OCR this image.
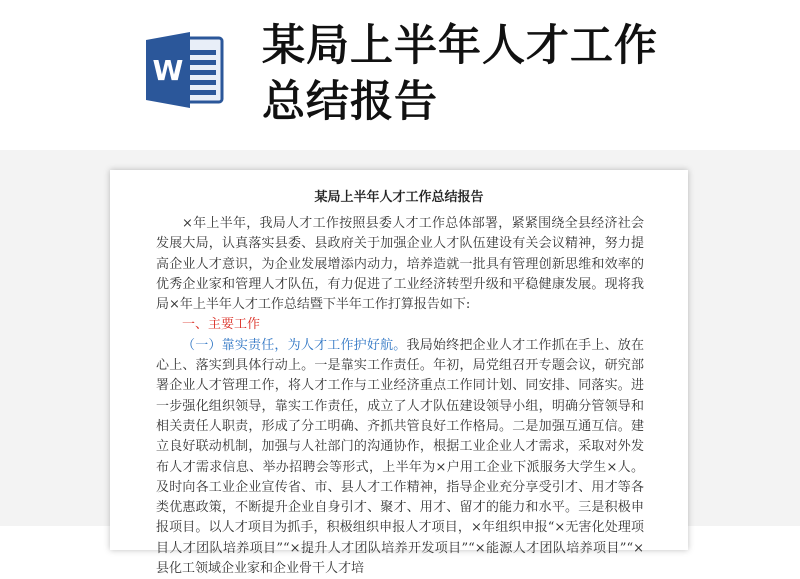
W 某局上半年人才工作
总结报告
某局上半年人才工作总结报告

×年上半年，我局人才工作按照县委人才工作总体部署，紧紧围绕全县经济社会发展大局，认真落实县委、县政府关于加强企业人才队伍建设有关会议精神，努力提高企业人才意识，为企业发展增添内动力，培养造就一批具有管理创新思维和效率的优秀企业家和管理人才队伍，有力促进了工业经济转型升级和平稳健康发展。现将我局×年上半年人才工作总结暨下半年工作打算报告如下:

一、主要工作

（一）靠实责任，为人才工作护好航。我局始终把企业人才工作抓在手上、放在心上、落实到具体行动上。一是靠实工作责任。年初，局党组召开专题会议，研究部署企业人才管理工作，将人才工作与工业经济重点工作同计划、同安排、同落实。进一步强化组织领导，靠实工作责任，成立了人才队伍建设领导小组，明确分管领导和相关责任人职责，形成了分工明确、齐抓共管良好工作格局。二是加强互通互信。建立良好联动机制，加强与人社部门的沟通协作，根据工业企业人才需求，采取对外发布人才需求信息、举办招聘会等形式，上半年为×户用工企业下派服务大学生×人。及时向各工业企业宣传省、市、县人才工作精神，指导企业充分享受引才、用才等各类优惠政策，不断提升企业自身引才、聚才、用才、留才的能力和水平。三是积极申报项目。以人才项目为抓手，积极组织申报人才项目，×年组织申报“×无害化处理项目人才团队培养项目”“×提升人才团队培养开发项目”“×能源人才团队培养项目”“×县化工领域企业家和企业骨干人才培
